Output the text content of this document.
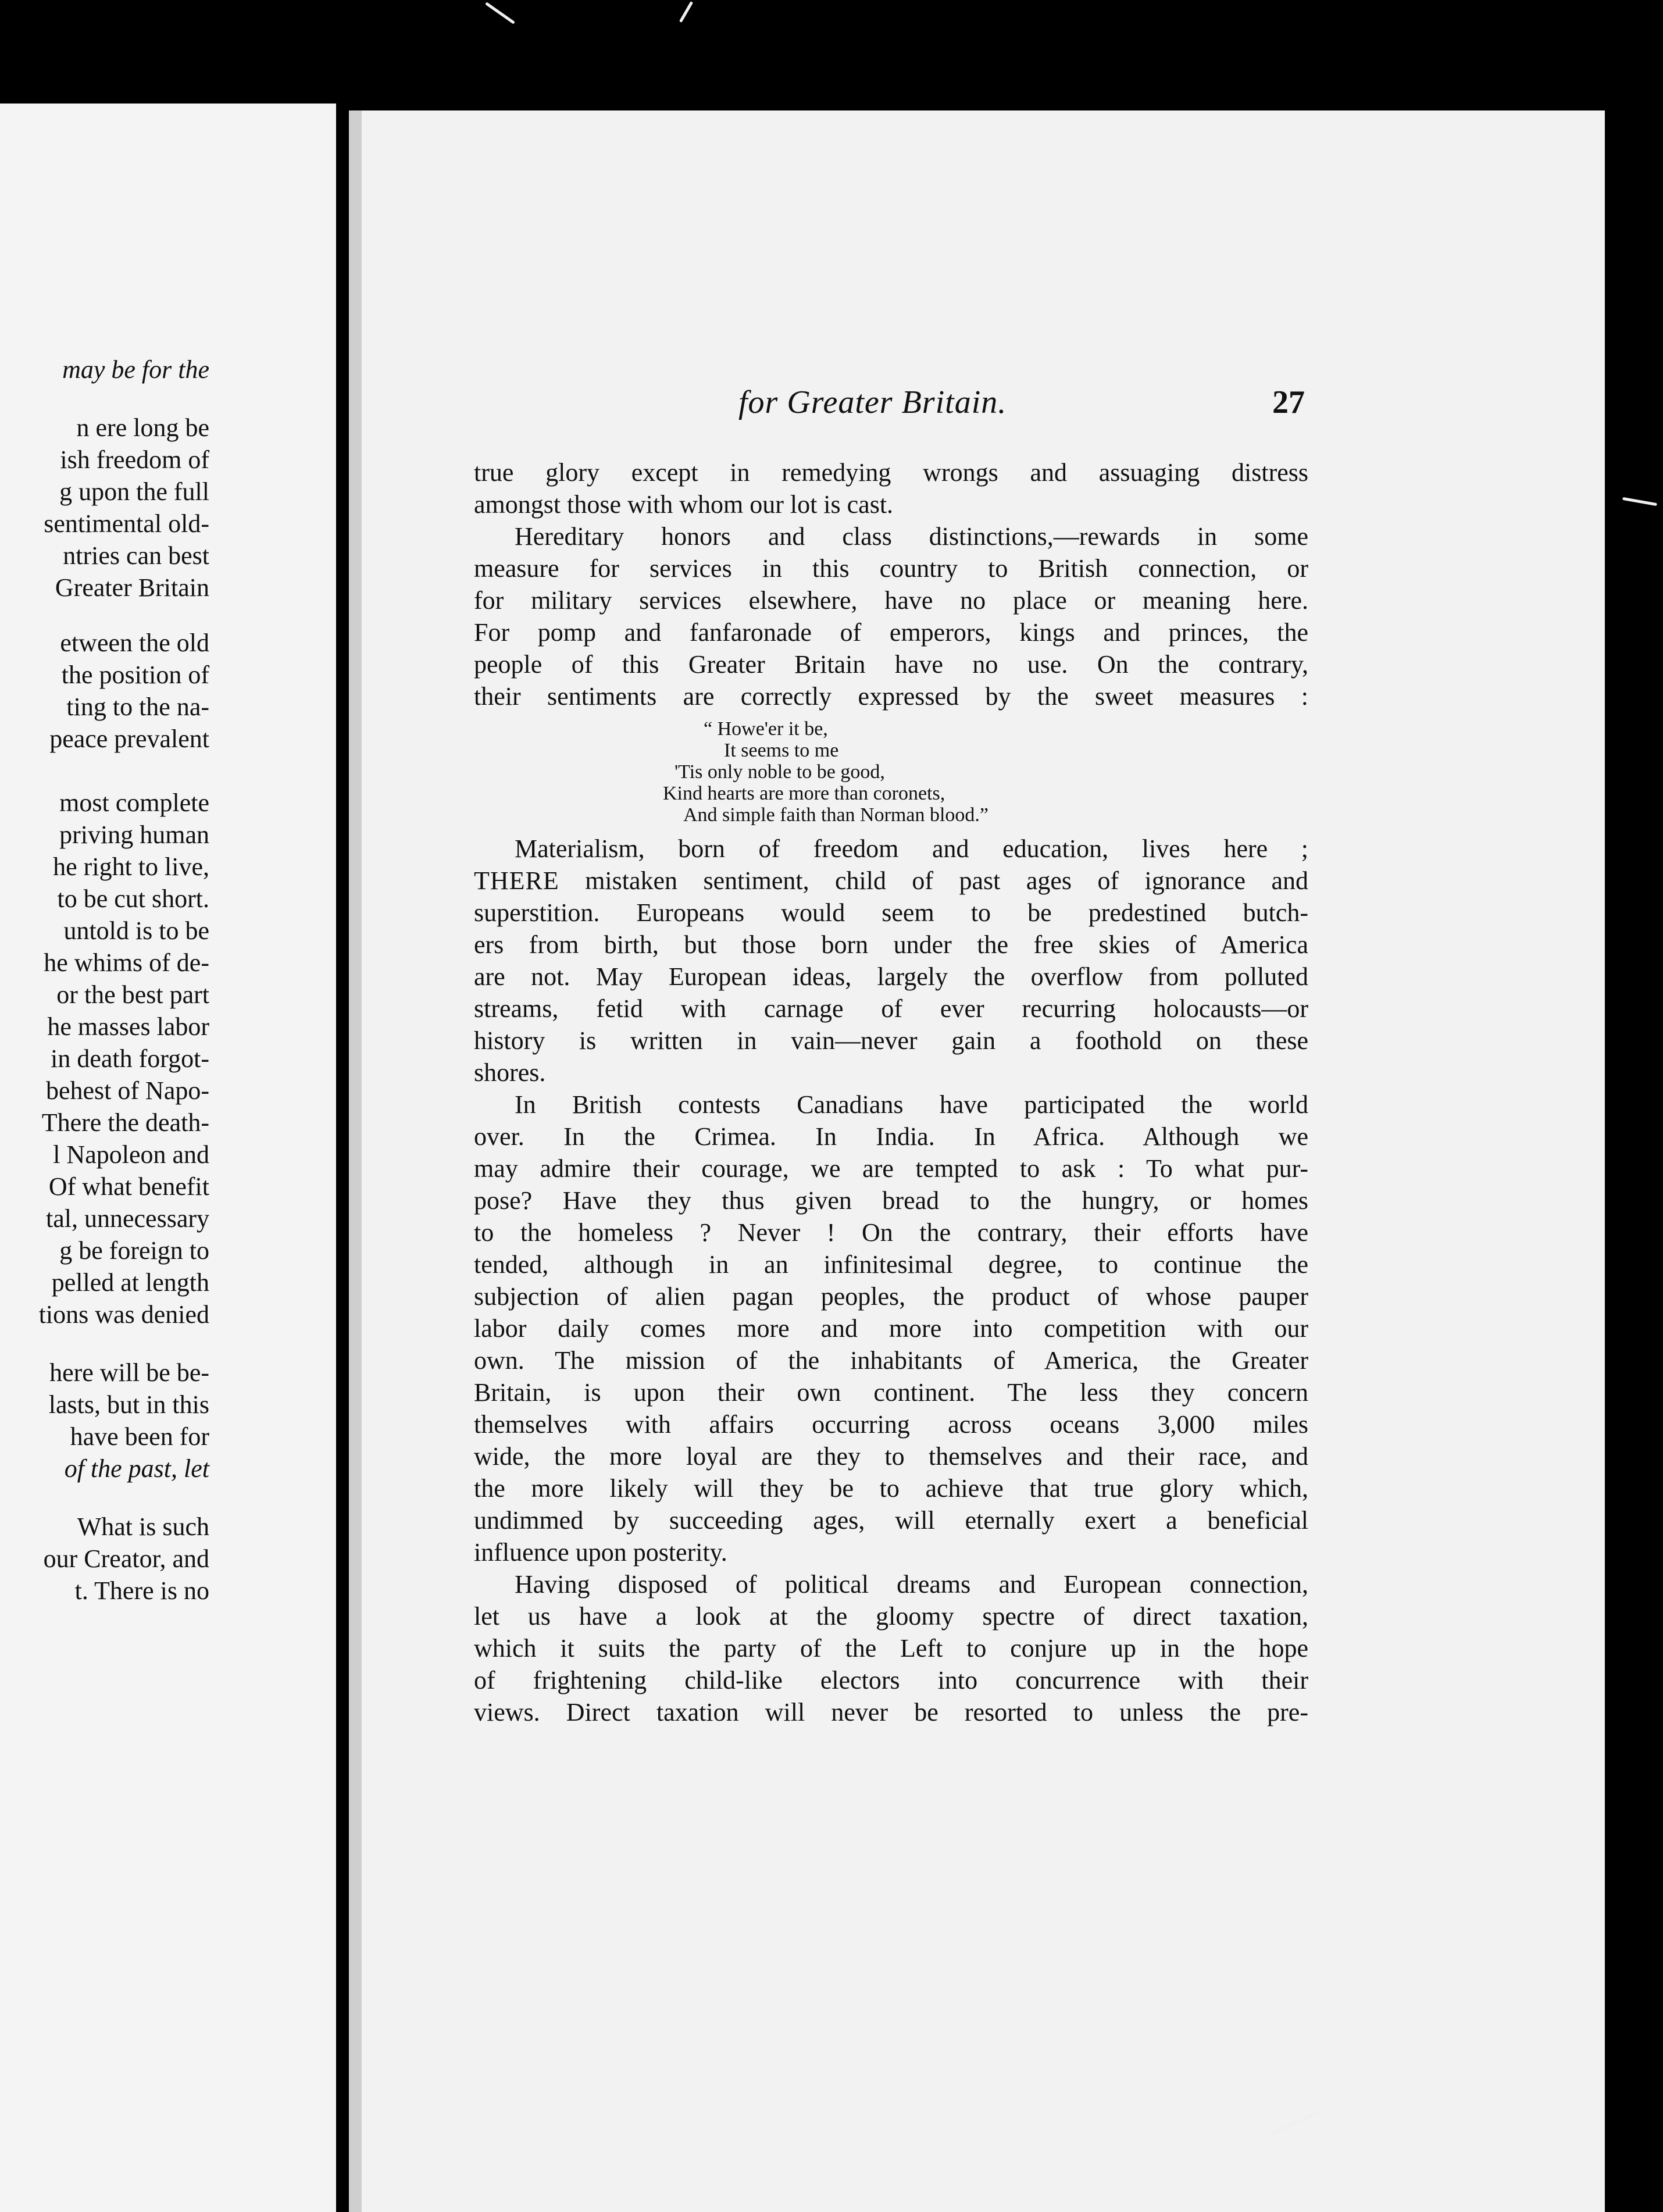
may be for the
n ere long be
ish freedom of
g upon the full
sentimental old-
ntries can best
Greater Britain
etween the old
the position of
ting to the na-
peace prevalent
most complete
priving human
he right to live,
to be cut short.
untold is to be
he whims of de-
or the best part
he masses labor
in death forgot-
behest of Napo-
There the death-
l Napoleon and
Of what benefit
tal, unnecessary
g be foreign to
pelled at length
tions was denied
here will be be-
lasts, but in this
have been for
of the past, let
What is such
our Creator, and
t. There is no
for Greater Britain.	27
true glory except in remedying wrongs and assuaging distress
amongst those with whom our lot is cast.
Hereditary honors and class distinctions,—rewards in some
measure for services in this country to British connection, or
for military services elsewhere, have no place or meaning here.
For pomp and fanfaronade of emperors, kings and princes, the
people of this Greater Britain have no use. On the contrary,
their sentiments are correctly expressed by the sweet measures :
“ Howe'er it be,
It seems to me
'Tis only noble to be good,
Kind hearts are more than coronets,
And simple faith than Norman blood.”
Materialism, born of freedom and education, lives here ;
THERE mistaken sentiment, child of past ages of ignorance and
superstition. Europeans would seem to be predestined butch-
ers from birth, but those born under the free skies of America
are not. May European ideas, largely the overflow from polluted
streams, fetid with carnage of ever recurring holocausts—or
history is written in vain—never gain a foothold on these
shores.
In British contests Canadians have participated the world
over. In the Crimea. In India. In Africa. Although we
may admire their courage, we are tempted to ask : To what pur-
pose? Have they thus given bread to the hungry, or homes
to the homeless ? Never ! On the contrary, their efforts have
tended, although in an infinitesimal degree, to continue the
subjection of alien pagan peoples, the product of whose pauper
labor daily comes more and more into competition with our
own. The mission of the inhabitants of America, the Greater
Britain, is upon their own continent. The less they concern
themselves with affairs occurring across oceans 3,000 miles
wide, the more loyal are they to themselves and their race, and
the more likely will they be to achieve that true glory which,
undimmed by succeeding ages, will eternally exert a beneficial
influence upon posterity.
Having disposed of political dreams and European connection,
let us have a look at the gloomy spectre of direct taxation,
which it suits the party of the Left to conjure up in the hope
of frightening child-like electors into concurrence with their
views. Direct taxation will never be resorted to unless the pre-
